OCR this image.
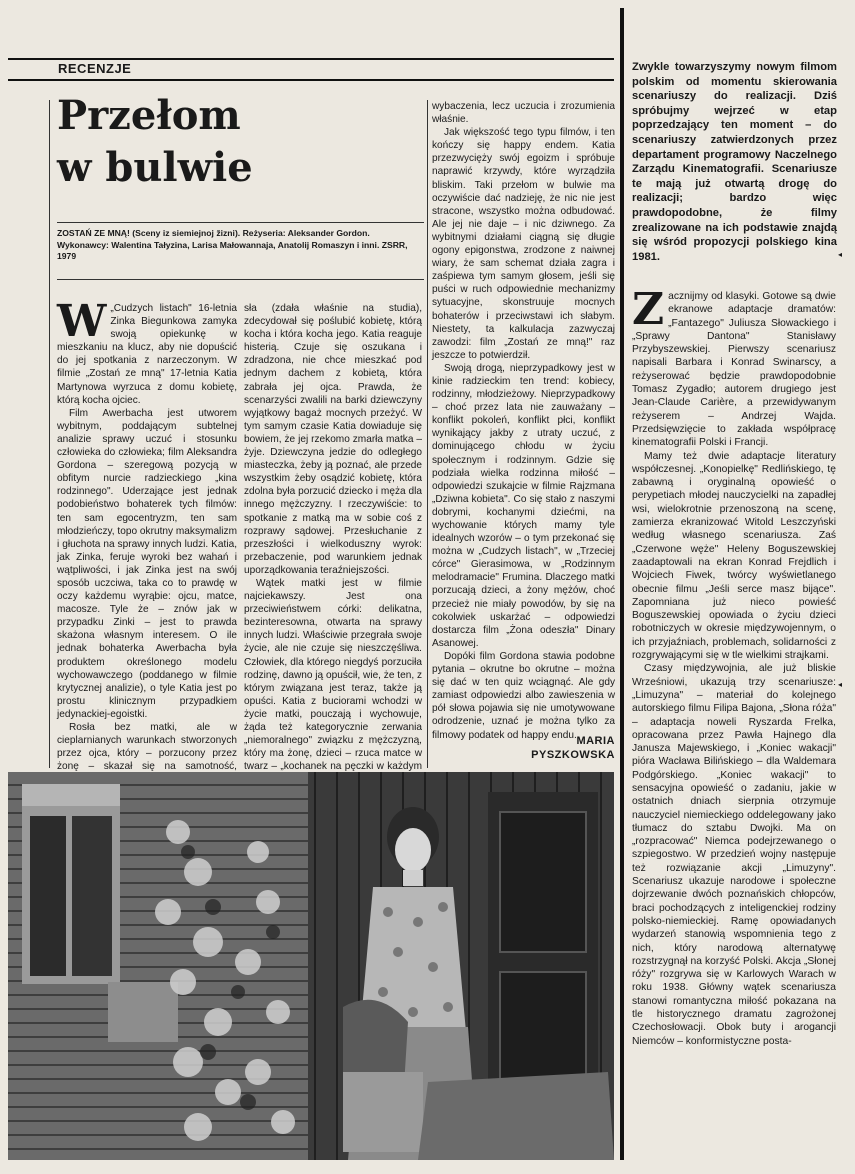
RECENZJE
Przełom
w bulwie
ZOSTAŃ ZE MNĄ! (Sceny iz siemiejnoj žizni). Reżyseria: Aleksander Gordon. Wykonawcy: Walentina Tałyzina, Larisa Małowannaja, Anatolij Romaszyn i inni. ZSRR, 1979

W „Cudzych listach" 16-letnia Zinka Biegunkowa zamyka swoją opiekunkę w mieszkaniu na klucz, aby nie dopuścić do jej spotkania z narzeczonym. W filmie „Zostań ze mną" 17-letnia Katia Martynowa wyrzuca z domu kobietę, którą kocha ojciec.

Film Awerbacha jest utworem wybitnym, poddającym subtelnej analizie sprawy uczuć i stosunku człowieka do człowieka; film Aleksandra Gordona – szeregową pozycją w obfitym nurcie radzieckiego „kina rodzinnego". Uderzające jest jednak podobieństwo bohaterek tych filmów: ten sam egocentryzm, ten sam młodzieńczy, topo okrutny maksymalizm i głuchota na sprawy innych ludzi. Katia, jak Zinka, feruje wyroki bez wahań i wątpliwości, i jak Zinka jest na swój sposób uczciwa, taka co to prawdę w oczy każdemu wyrąbie: ojcu, matce, macosze. Tyle że – znów jak w przypadku Zinki – jest to prawda skażona własnym interesem. O ile jednak bohaterka Awerbacha była produktem określonego modelu wychowawczego (poddanego w filmie krytycznej analizie), o tyle Katia jest po prostu klinicznym przypadkiem jedynackiej-egoistki.

Rosła bez matki, ale w cieplarnianych warunkach stworzonych przez ojca, który – porzucony przez żonę – skazał się na samotność,

sła (zdała właśnie na studia), zdecydował się poślubić kobietę, którą kocha i która kocha jego. Katia reaguje histerią. Czuje się oszukana i zdradzona, nie chce mieszkać pod jednym dachem z kobietą, która zabrała jej ojca. Prawda, że scenarzyści zwalili na barki dziewczyny wyjątkowy bagaż mocnych przeżyć. W tym samym czasie Katia dowiaduje się bowiem, że jej rzekomo zmarła matka – żyje. Dziewczyna jedzie do odległego miasteczka, żeby ją poznać, ale przede wszystkim żeby osądzić kobietę, która zdolna była porzucić dziecko i męża dla innego mężczyzny. I rzeczywiście: to spotkanie z matką ma w sobie coś z rozprawy sądowej. Przesłuchanie z przeszłości i wielkoduszny wyrok: przebaczenie, pod warunkiem jednak uporządkowania teraźniejszości.

Wątek matki jest w filmie najciekawszy. Jest ona przeciwieństwem córki: delikatna, bezinteresowna, otwarta na sprawy innych ludzi. Właściwie przegrała swoje życie, ale nie czuje się nieszczęśliwa. Człowiek, dla którego niegdyś porzuciła rodzinę, dawno ją opuścił, wie, że ten, z którym związana jest teraz, także ją opuści. Katia z buciorami wchodzi w życie matki, pouczają i wychowuje, żąda też kategorycznie zerwania „niemoralnego" związku z mężczyzną, który ma żonę, dzieci – rzuca matce w twarz – „kochanek na pęczki w każdym

wybaczenia, lecz uczucia i zrozumienia właśnie.

Jak większość tego typu filmów, i ten kończy się happy endem. Katia przezwycięży swój egoizm i spróbuje naprawić krzywdy, które wyrządziła bliskim. Taki przełom w bulwie ma oczywiście dać nadzieję, że nic nie jest stracone, wszystko można odbudować. Ale jej nie daje – i nic dziwnego. Za wybitnymi działami ciągną się długie ogony epigonstwa, zrodzone z naiwnej wiary, że sam schemat działa zagra i zaśpiewa tym samym głosem, jeśli się puści w ruch odpowiednie mechanizmy sytuacyjne, skonstruuje mocnych bohaterów i przeciwstawi ich słabym. Niestety, ta kalkulacja zazwyczaj zawodzi: film „Zostań ze mną!" raz jeszcze to potwierdził.

Swoją drogą, nieprzypadkowy jest w kinie radzieckim ten trend: kobiecy, rodzinny, młodzieżowy. Nieprzypadkowy – choć przez lata nie zauważany – konflikt pokoleń, konflikt płci, konflikt wynikający jakby z utraty uczuć, z dominującego chłodu w życiu społecznym i rodzinnym. Gdzie się podziała wielka rodzinna miłość – odpowiedzi szukajcie w filmie Rajzmana „Dziwna kobieta". Co się stało z naszymi dobrymi, kochanymi dziećmi, na wychowanie których mamy tyle idealnych wzorów – o tym przekonać się można w „Cudzych listach", w „Trzeciej córce" Gierasimowa, w „Rodzinnym melodramacie" Frumina. Dlaczego matki porzucają dzieci, a żony mężów, choć przecież nie miały powodów, by się na cokolwiek uskarżać – odpowiedzi dostarcza film „Żona odeszła" Dinary Asanowej.

Dopóki film Gordona stawia podobne pytania – okrutne bo okrutne – można się dać w ten quiz wciągnąć. Ale gdy zamiast odpowiedzi albo zawieszenia w pół słowa pojawia się nie umotywowane odrodzenie, uznać je można tylko za filmowy podatek od happy endu. MARIA
PYSZKOWSKA
Zwykle towarzyszymy nowym filmom polskim od momentu skierowania scenariuszy do realizacji. Dziś spróbujmy wejrzeć w etap poprzedzający ten moment – do scenariuszy zatwierdzonych przez departament programowy Naczelnego Zarządu Kinematografii. Scenariusze te mają już otwartą drogę do realizacji; bardzo więc prawdopodobne, że filmy zrealizowane na ich podstawie znajdą się wśród propozycji polskiego kina 1981.

Zacznijmy od klasyki. Gotowe są dwie ekranowe adaptacje dramatów: „Fantazego" Juliusza Słowackiego i „Sprawy Dantona" Stanisławy Przybyszewskiej. Pierwszy scenariusz napisali Barbara i Konrad Swinarscy, a reżyserować będzie prawdopodobnie Tomasz Zygadło; autorem drugiego jest Jean-Claude Carière, a przewidywanym reżyserem – Andrzej Wajda. Przedsięwzięcie to zakłada współpracę kinematografii Polski i Francji.

Mamy też dwie adaptacje literatury współczesnej. „Konopielkę" Redlińskiego, tę zabawną i oryginalną opowieść o perypetiach młodej nauczycielki na zapadłej wsi, wielokrotnie przenoszoną na scenę, zamierza ekranizować Witold Leszczyński według własnego scenariusza. Zaś „Czerwone węże" Heleny Boguszewskiej zaadaptowali na ekran Konrad Frejdlich i Wojciech Fiwek, twórcy wyświetlanego obecnie filmu „Jeśli serce masz bijące". Zapomniana już nieco powieść Boguszewskiej opowiada o życiu dzieci robotniczych w okresie międzywojennym, o ich przyjaźniach, problemach, solidarności z rozgrywającymi się w tle wielkimi strajkami.

Czasy międzywojnia, ale już bliskie Wrześniowi, ukazują trzy scenariusze: „Limuzyna" – materiał do kolejnego autorskiego filmu Filipa Bajona, „Słona róża" – adaptacja noweli Ryszarda Frelka, opracowana przez Pawła Hajnego dla Janusza Majewskiego, i „Koniec wakacji" pióra Wacława Bilińskiego – dla Waldemara Podgórskiego. „Koniec wakacji" to sensacyjna opowieść o zadaniu, jakie w ostatnich dniach sierpnia otrzymuje nauczyciel niemieckiego oddelegowany jako tłumacz do sztabu Dwojki. Ma on „rozpracować" Niemca podejrzewanego o szpiegostwo. W przedzień wojny następuje też rozwiązanie akcji „Limuzyny". Scenariusz ukazuje narodowe i społeczne dojrzewanie dwóch poznańskich chłopców, braci pochodzących z inteligenckiej rodziny polsko-niemieckiej. Ramę opowiadanych wydarzeń stanowią wspomnienia tego z nich, który narodową alternatywę rozstrzygnął na korzyść Polski. Akcja „Słonej róży" rozgrywa się w Karlowych Warach w roku 1938. Główny wątek scenariusza stanowi romantyczna miłość pokazana na tle historycznego dramatu zagrożonej Czechosłowacji. Obok buty i arogancji Niemców – konformistyczne posta-

◂
◂
